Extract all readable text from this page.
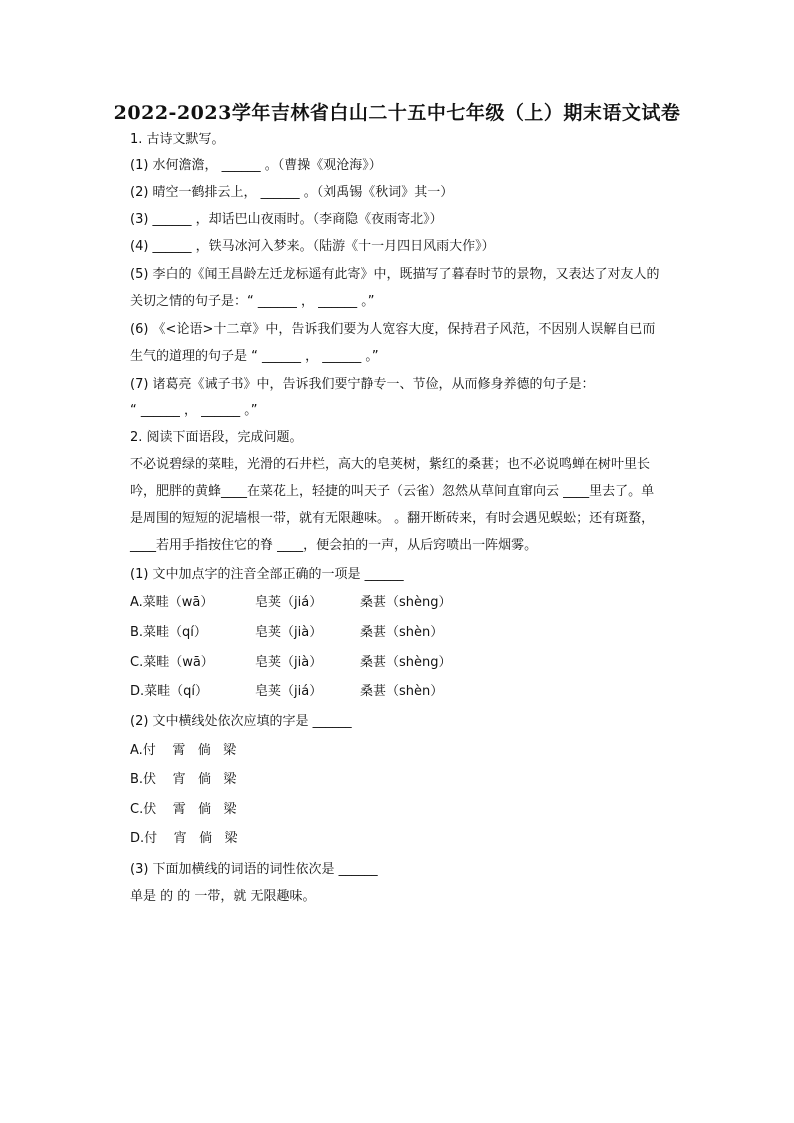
2022-2023学年吉林省白山二十五中七年级（上）期末语文试卷
1. 古诗文默写。
(1) 水何澹澹， ______ 。（曹操《观沧海》）
(2) 晴空一鹤排云上， ______ 。（刘禹锡《秋词》其一）
(3) ______ ，却话巴山夜雨时。（李商隐《夜雨寄北》）
(4) ______ ，铁马冰河入梦来。（陆游《十一月四日风雨大作》）
(5) 李白的《闻王昌龄左迁龙标遥有此寄》中，既描写了暮春时节的景物，又表达了对友人的
关切之情的句子是：“ ______ ， ______ 。”
(6) 《<论语>十二章》中，告诉我们要为人宽容大度，保持君子风范，不因别人误解自已而
生气的道理的句子是 “ ______ ， ______ 。”
(7) 诸葛亮《诫子书》中，告诉我们要宁静专一、节俭，从而修身养德的句子是：
“ ______ ， ______ 。”
2. 阅读下面语段，完成问题。
不必说碧绿的菜畦，光滑的石井栏，高大的皂荚树，紫红的桑葚；也不必说鸣蝉在树叶里长
吟，肥胖的黄蜂____在菜花上，轻捷的叫天子（云雀）忽然从草间直窜向云 ____里去了。单
是周围的短短的泥墙根一带，就有无限趣味。 。翻开断砖来，有时会遇见蜈蚣；还有斑蝥，
____若用手指按住它的脊 ____，便会拍的一声，从后窍喷出一阵烟雾。
(1) 文中加点字的注音全部正确的一项是 ______
(2) 文中横线处依次应填的字是 ______
(3) 下面加横线的词语的词性依次是 ______
单是 的 的 一带，就 无限趣味。
A.菜畦（wā）	皂荚（jiá）	桑葚（shèng）
B.菜畦（qí）	皂荚（jià）	桑葚（shèn）
C.菜畦（wā）	皂荚（jià）	桑葚（shèng）
D.菜畦（qí）	皂荚（jiá）	桑葚（shèn）
A.付    霄   倘   梁
B.伏    宵   倘   梁
C.伏    霄   倘   梁
D.付    宵   倘   梁
